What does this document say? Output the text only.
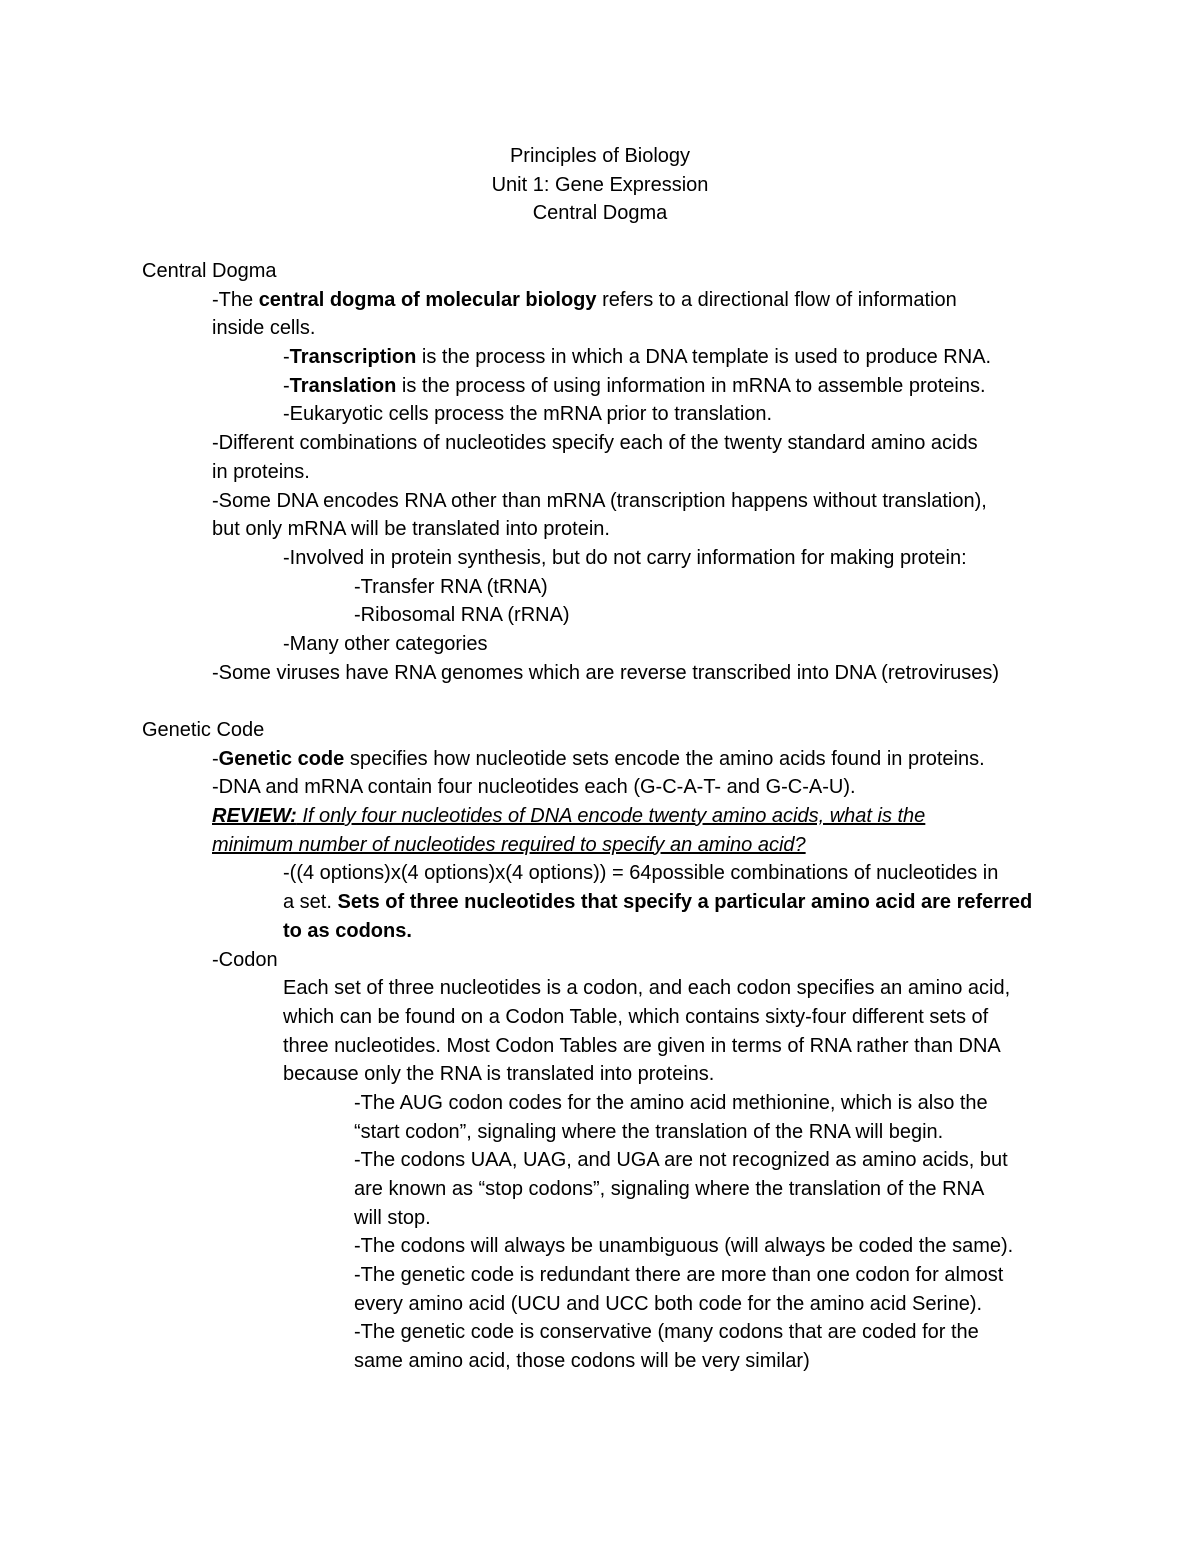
Principles of Biology
Unit 1: Gene Expression
Central Dogma
Central Dogma
-The central dogma of molecular biology refers to a directional flow of information
inside cells.
-Transcription is the process in which a DNA template is used to produce RNA.
-Translation is the process of using information in mRNA to assemble proteins.
-Eukaryotic cells process the mRNA prior to translation.
-Different combinations of nucleotides specify each of the twenty standard amino acids
in proteins.
-Some DNA encodes RNA other than mRNA (transcription happens without translation),
but only mRNA will be translated into protein.
-Involved in protein synthesis, but do not carry information for making protein:
-Transfer RNA (tRNA)
-Ribosomal RNA (rRNA)
-Many other categories
-Some viruses have RNA genomes which are reverse transcribed into DNA (retroviruses)
Genetic Code
-Genetic code specifies how nucleotide sets encode the amino acids found in proteins.
-DNA and mRNA contain four nucleotides each (G-C-A-T- and G-C-A-U).
REVIEW: If only four nucleotides of DNA encode twenty amino acids, what is the
minimum number of nucleotides required to specify an amino acid?
-((4 options)x(4 options)x(4 options)) = 64possible combinations of nucleotides in
a set. Sets of three nucleotides that specify a particular amino acid are referred
to as codons.
-Codon
Each set of three nucleotides is a codon, and each codon specifies an amino acid,
which can be found on a Codon Table, which contains sixty-four different sets of
three nucleotides. Most Codon Tables are given in terms of RNA rather than DNA
because only the RNA is translated into proteins.
-The AUG codon codes for the amino acid methionine, which is also the
“start codon”, signaling where the translation of the RNA will begin.
-The codons UAA, UAG, and UGA are not recognized as amino acids, but
are known as “stop codons”, signaling where the translation of the RNA
will stop.
-The codons will always be unambiguous (will always be coded the same).
-The genetic code is redundant there are more than one codon for almost
every amino acid (UCU and UCC both code for the amino acid Serine).
-The genetic code is conservative (many codons that are coded for the
same amino acid, those codons will be very similar)
